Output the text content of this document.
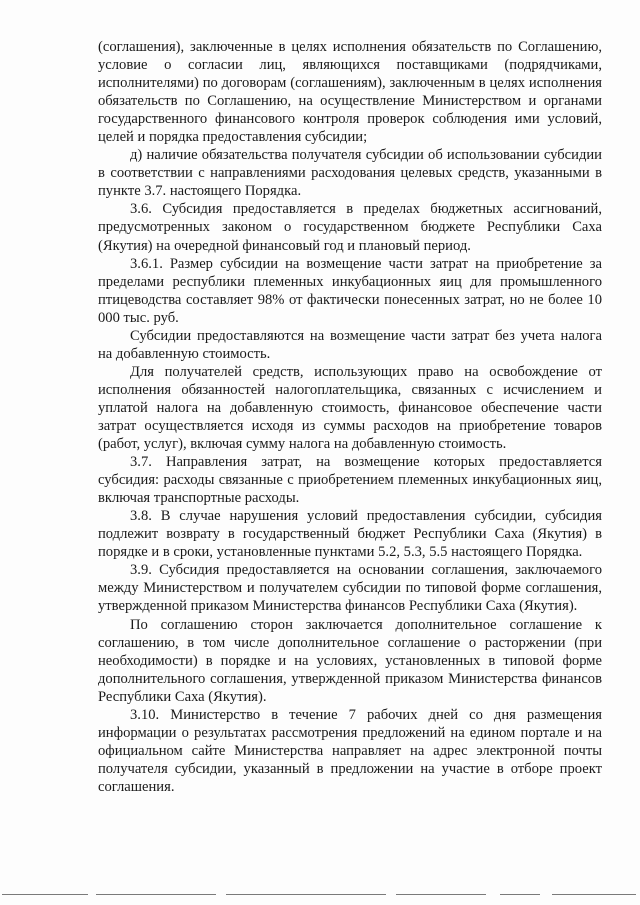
(соглашения), заключенные в целях исполнения обязательств по Соглашению, условие о согласии лиц, являющихся поставщиками (подрядчиками, исполнителями) по договорам (соглашениям), заключенным в целях исполнения обязательств по Соглашению, на осуществление Министерством и органами государственного финансового контроля проверок соблюдения ими условий, целей и порядка предоставления субсидии;

д) наличие обязательства получателя субсидии об использовании субсидии в соответствии с направлениями расходования целевых средств, указанными в пункте 3.7. настоящего Порядка.

3.6. Субсидия предоставляется в пределах бюджетных ассигнований, предусмотренных законом о государственном бюджете Республики Саха (Якутия) на очередной финансовый год и плановый период.

3.6.1. Размер субсидии на возмещение части затрат на приобретение за пределами республики племенных инкубационных яиц для промышленного птицеводства составляет 98% от фактически понесенных затрат, но не более 10 000 тыс. руб.

Субсидии предоставляются на возмещение части затрат без учета налога на добавленную стоимость.

Для получателей средств, использующих право на освобождение от исполнения обязанностей налогоплательщика, связанных с исчислением и уплатой налога на добавленную стоимость, финансовое обеспечение части затрат осуществляется исходя из суммы расходов на приобретение товаров (работ, услуг), включая сумму налога на добавленную стоимость.

3.7. Направления затрат, на возмещение которых предоставляется субсидия: расходы связанные с приобретением племенных инкубационных яиц, включая транспортные расходы.

3.8. В случае нарушения условий предоставления субсидии, субсидия подлежит возврату в государственный бюджет Республики Саха (Якутия) в порядке и в сроки, установленные пунктами 5.2, 5.3, 5.5 настоящего Порядка.

3.9. Субсидия предоставляется на основании соглашения, заключаемого между Министерством и получателем субсидии по типовой форме соглашения, утвержденной приказом Министерства финансов Республики Саха (Якутия).

По соглашению сторон заключается дополнительное соглашение к соглашению, в том числе дополнительное соглашение о расторжении (при необходимости) в порядке и на условиях, установленных в типовой форме дополнительного соглашения, утвержденной приказом Министерства финансов Республики Саха (Якутия).

3.10. Министерство в течение 7 рабочих дней со дня размещения информации о результатах рассмотрения предложений на едином портале и на официальном сайте Министерства направляет на адрес электронной почты получателя субсидии, указанный в предложении на участие в отборе проект соглашения.
